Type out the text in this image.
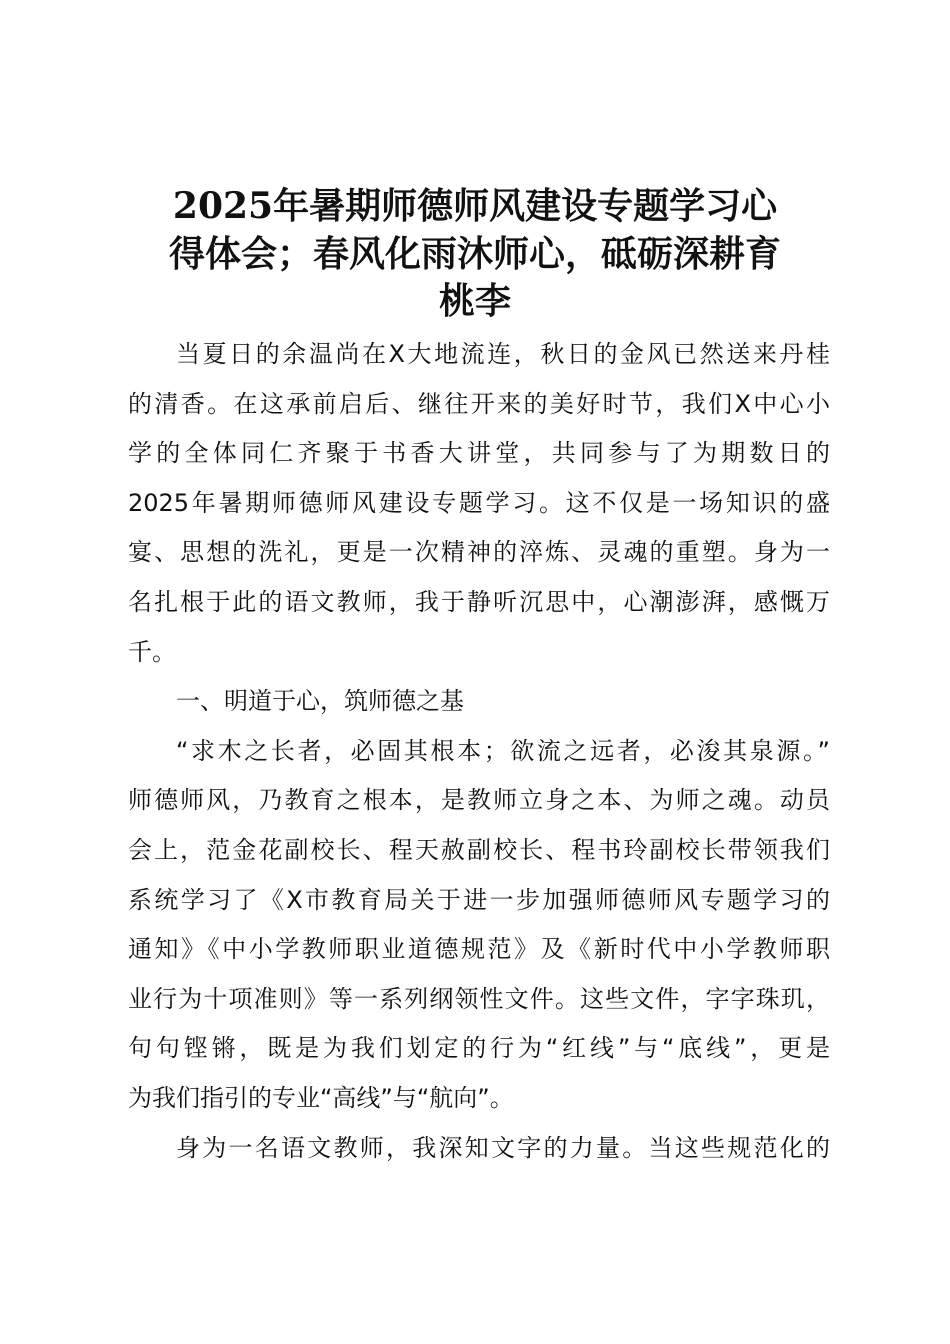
2025年暑期师德师风建设专题学习心
得体会；春风化雨沐师心，砥砺深耕育
桃李
当夏日的余温尚在X大地流连，秋日的金风已然送来丹桂
的清香。在这承前启后、继往开来的美好时节，我们X中心小
学的全体同仁齐聚于书香大讲堂，共同参与了为期数日的
2025年暑期师德师风建设专题学习。这不仅是一场知识的盛
宴、思想的洗礼，更是一次精神的淬炼、灵魂的重塑。身为一
名扎根于此的语文教师，我于静听沉思中，心潮澎湃，感慨万
千。
一、明道于心，筑师德之基
“求木之长者，必固其根本；欲流之远者，必浚其泉源。”
师德师风，乃教育之根本，是教师立身之本、为师之魂。动员
会上，范金花副校长、程天赦副校长、程书玲副校长带领我们
系统学习了《X市教育局关于进一步加强师德师风专题学习的
通知》《中小学教师职业道德规范》及《新时代中小学教师职
业行为十项准则》等一系列纲领性文件。这些文件，字字珠玑，
句句铿锵，既是为我们划定的行为“红线”与“底线”，更是
为我们指引的专业“高线”与“航向”。
身为一名语文教师，我深知文字的力量。当这些规范化的
